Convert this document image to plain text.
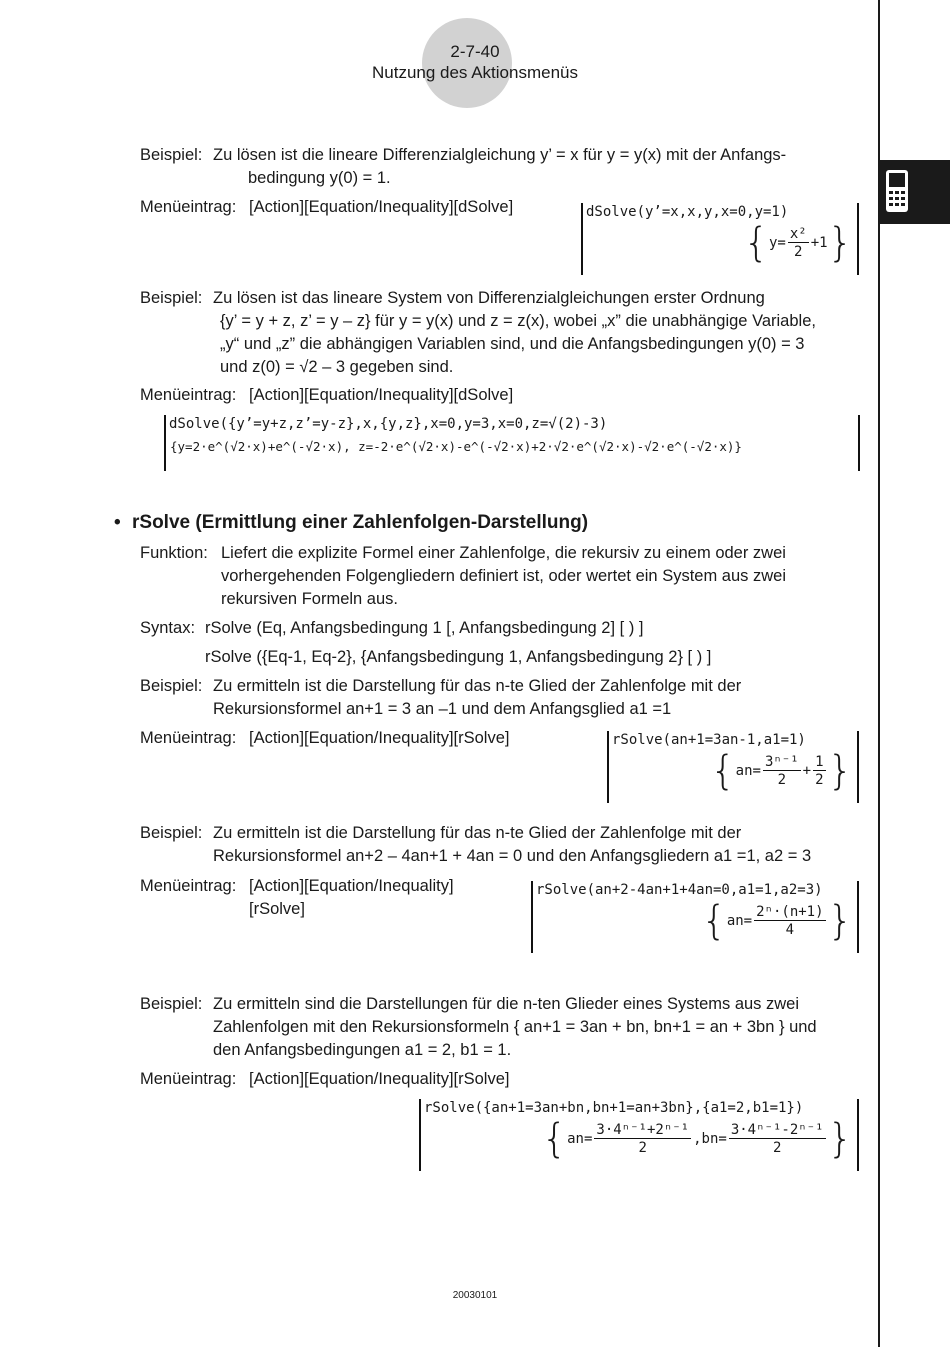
2-7-40
Nutzung des Aktionsmenüs
Beispiel: Zu lösen ist die lineare Differenzialgleichung y’ = x für y = y(x) mit der Anfangs-
bedingung y(0) = 1.
Menüeintrag: [Action][Equation/Inequality][dSolve]	dSolve(y’=x,x,y,x=0,y=1)
{ $y= \frac{\text{x²}}{2} +1$ }
Beispiel: Zu lösen ist das lineare System von Differenzialgleichungen erster Ordnung
{y’ = y + z, z’ = y – z} für y = y(x) und z = z(x), wobei „x” die unabhängige Variable,
„y“ und „z” die abhängigen Variablen sind, und die Anfangsbedingungen y(0) = 3
und z(0) = √2 – 3 gegeben sind.
Menüeintrag: [Action][Equation/Inequality][dSolve]
dSolve({y’=y+z,z’=y-z},x,{y,z},x=0,y=3,x=0,z=√(2)-3)
{y=2·e^(√2·x)+e^(-√2·x), z=-2·e^(√2·x)-e^(-√2·x)+2·√2·e^(√2·x)-√2·e^(-√2·x)}
• rSolve (Ermittlung einer Zahlenfolgen-Darstellung)
Funktion: Liefert die explizite Formel einer Zahlenfolge, die rekursiv zu einem oder zwei
vorhergehenden Folgengliedern definiert ist, oder wertet ein System aus zwei
rekursiven Formeln aus.
Syntax: rSolve (Eq, Anfangsbedingung 1 [, Anfangsbedingung 2] [ ) ]
rSolve ({Eq-1, Eq-2}, {Anfangsbedingung 1, Anfangsbedingung 2} [ ) ]
Beispiel: Zu ermitteln ist die Darstellung für das n-te Glied der Zahlenfolge mit der
Rekursionsformel an+1 = 3 an –1 und dem Anfangsglied a1 =1
Menüeintrag: [Action][Equation/Inequality][rSolve]	rSolve(an+1=3an-1,a1=1)
{ $an= \frac{\text{3ⁿ⁻¹}}{2} + \frac{1}{2}$ }
Beispiel: Zu ermitteln ist die Darstellung für das n-te Glied der Zahlenfolge mit der
Rekursionsformel an+2 – 4an+1 + 4an = 0 und den Anfangsgliedern a1 =1, a2 = 3
Menüeintrag: [Action][Equation/Inequality]
[rSolve]
rSolve(an+2-4an+1+4an=0,a1=1,a2=3)
{ $an= \frac{\text{2ⁿ·(n+1)}}{4}$ }
Beispiel: Zu ermitteln sind die Darstellungen für die n-ten Glieder eines Systems aus zwei
Zahlenfolgen mit den Rekursionsformeln { an+1 = 3an + bn, bn+1 = an + 3bn } und
den Anfangsbedingungen a1 = 2, b1 = 1.
Menüeintrag: [Action][Equation/Inequality][rSolve]
rSolve({an+1=3an+bn,bn+1=an+3bn},{a1=2,b1=1})
{ $an= \frac{\text{3·4ⁿ⁻¹+2ⁿ⁻¹}}{2} ,bn= \frac{\text{3·4ⁿ⁻¹-2ⁿ⁻¹}}{2}$ }
20030101
